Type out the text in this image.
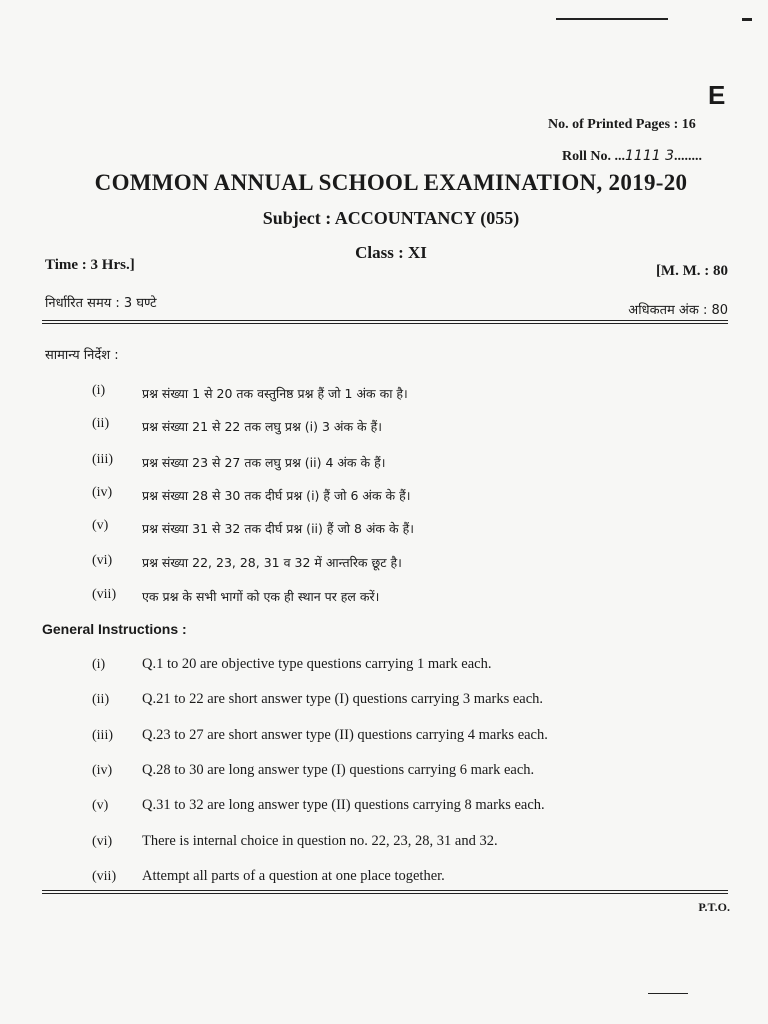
E
No. of Printed Pages : 16
Roll No. ...1111 3........
COMMON ANNUAL SCHOOL EXAMINATION, 2019-20
Subject : ACCOUNTANCY (055)
Class : XI
Time : 3 Hrs.]	[M. M. : 80
निर्धारित समय : 3 घण्टे	अधिकतम अंक : 80
सामान्य निर्देश :
(i)	प्रश्न संख्या 1 से 20 तक वस्तुनिष्ठ प्रश्न हैं जो 1 अंक का है।
(ii)	प्रश्न संख्या 21 से 22 तक लघु प्रश्न (i) 3 अंक के हैं।
(iii) प्रश्न संख्या 23 से 27 तक लघु प्रश्न (ii) 4 अंक के हैं।
(iv) प्रश्न संख्या 28 से 30 तक दीर्घ प्रश्न (i) हैं जो 6 अंक के हैं।
(v)	प्रश्न संख्या 31 से 32 तक दीर्घ प्रश्न (ii) हैं जो 8 अंक के हैं।
(vi) प्रश्न संख्या 22, 23, 28, 31 व 32 में आन्तरिक छूट है।
(vii) एक प्रश्न के सभी भागों को एक ही स्थान पर हल करें।
General Instructions :
(i)	Q.1 to 20 are objective type questions carrying 1 mark each.
(ii) Q.21 to 22 are short answer type (I) questions carrying 3 marks each.
(iii) Q.23 to 27 are short answer type (II) questions carrying 4 marks each.
(iv) Q.28 to 30 are long answer type (I) questions carrying 6 mark each.
(v) Q.31 to 32 are long answer type (II) questions carrying 8 marks each.
(vi) There is internal choice in question no. 22, 23, 28, 31 and 32.
(vii) Attempt all parts of a question at one place together.
P.T.O.
